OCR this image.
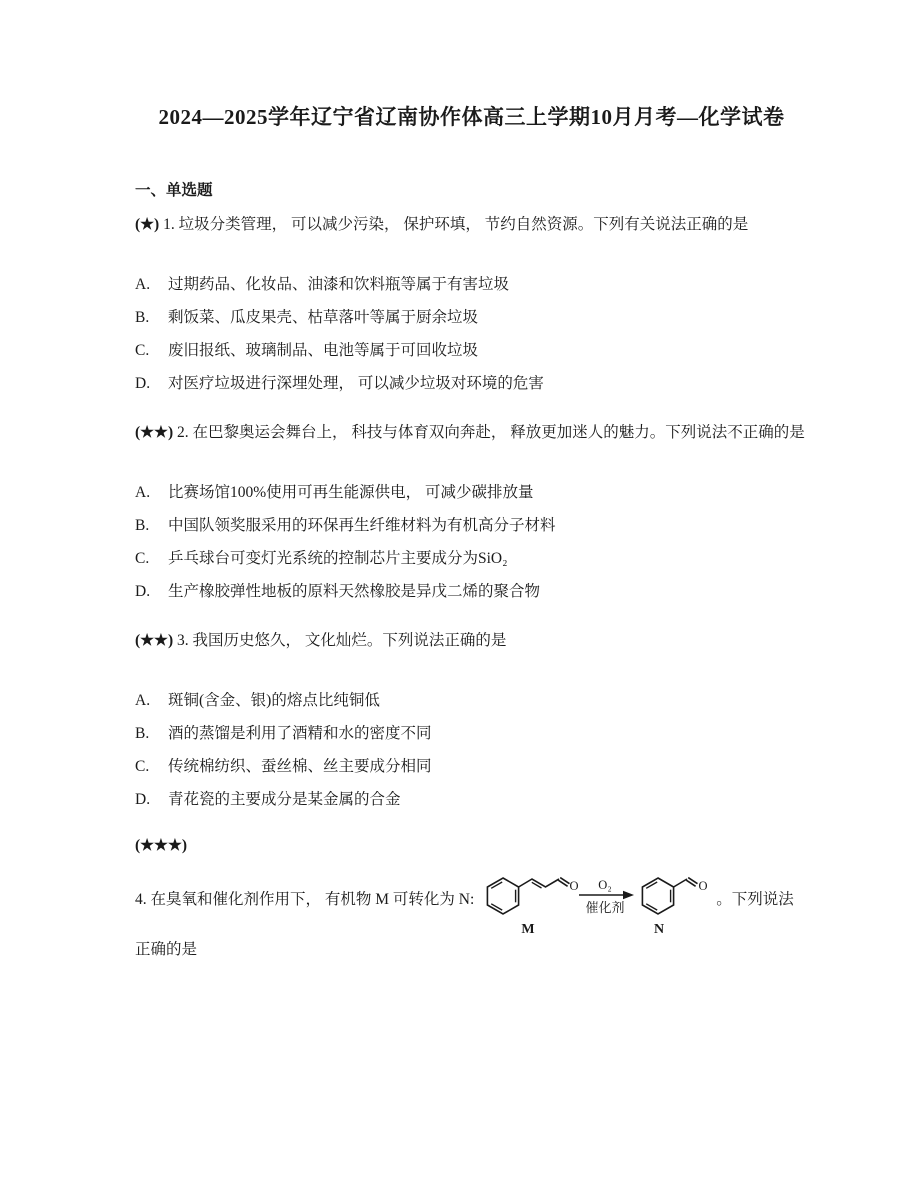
2024—2025学年辽宁省辽南协作体高三上学期10月月考—化学试卷
一、单选题

(★) 1. 垃圾分类管理， 可以减少污染， 保护环填， 节约自然资源。下列有关说法正确的是

A.	过期药品、化妆品、油漆和饮料瓶等属于有害垃圾
B.	剩饭菜、瓜皮果壳、枯草落叶等属于厨余垃圾
C.	废旧报纸、玻璃制品、电池等属于可回收垃圾
D.	对医疗垃圾进行深埋处理， 可以减少垃圾对环境的危害

(★★) 2. 在巴黎奥运会舞台上， 科技与体育双向奔赴， 释放更加迷人的魅力。下列说法不正确的是

A.	比赛场馆100%使用可再生能源供电， 可减少碳排放量
B.	中国队领奖服采用的环保再生纤维材料为有机高分子材料
C.	乒乓球台可变灯光系统的控制芯片主要成分为SiO₂
D.	生产橡胶弹性地板的原料天然橡胶是异戊二烯的聚合物

(★★) 3. 我国历史悠久， 文化灿烂。下列说法正确的是

A.	斑铜(含金、银)的熔点比纯铜低
B.	酒的蒸馏是利用了酒精和水的密度不同
C.	传统棉纺织、蚕丝棉、丝主要成分相同
D.	青花瓷的主要成分是某金属的合金
(★★★)
4. 在臭氧和催化剂作用下， 有机物 M 可转化为 N:
O
M
O₂
催化剂
O
N
。下列说法
正确的是
